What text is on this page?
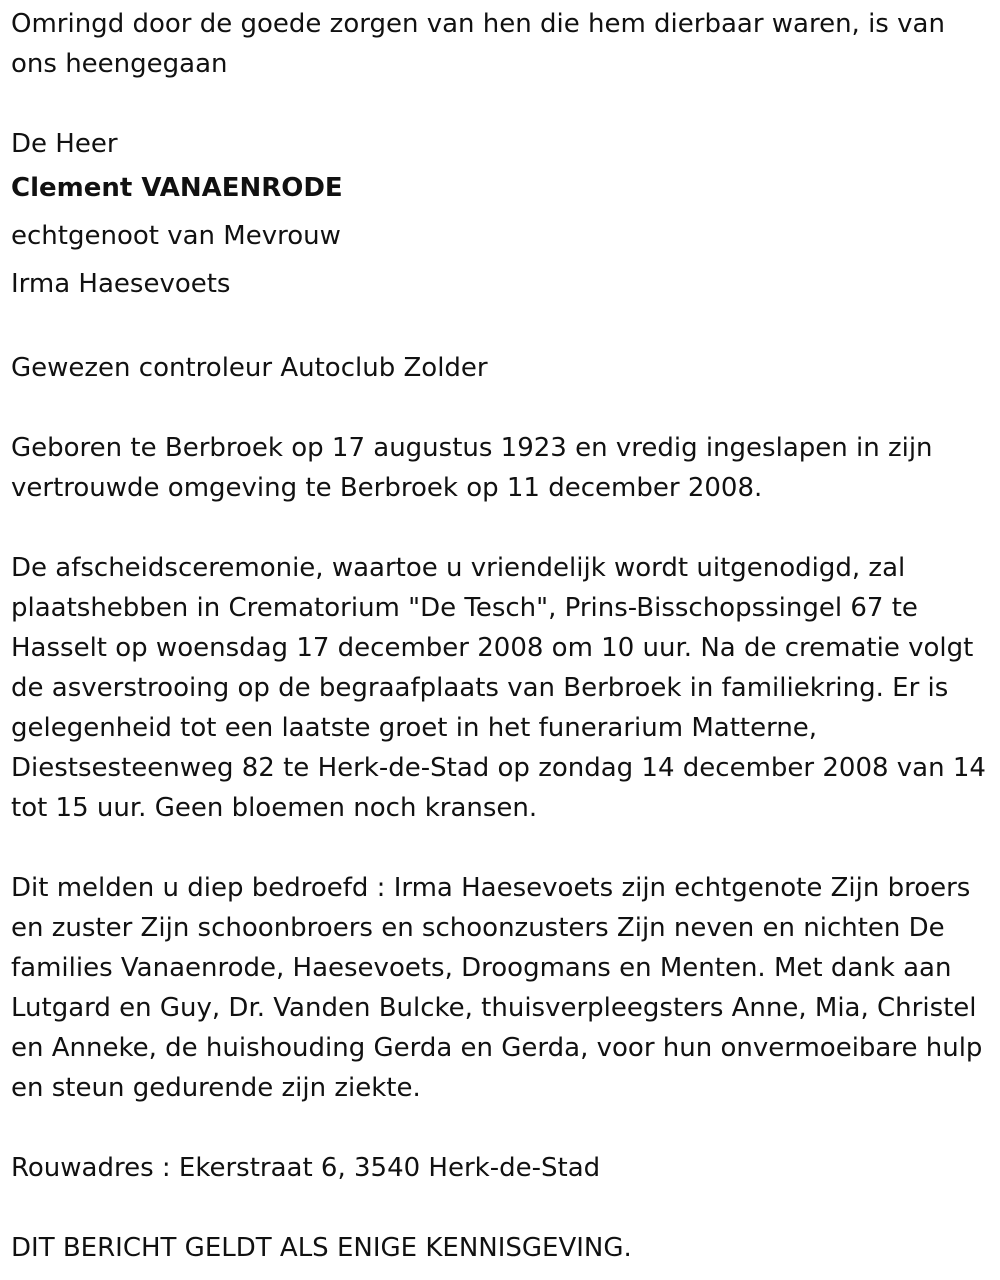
Omringd door de goede zorgen van hen die hem dierbaar waren, is van ons heengegaan

De Heer

Clement VANAENRODE

echtgenoot van Mevrouw

Irma Haesevoets

Gewezen controleur Autoclub Zolder

Geboren te Berbroek op 17 augustus 1923 en vredig ingeslapen in zijn vertrouwde omgeving te Berbroek op 11 december 2008.

De afscheidsceremonie, waartoe u vriendelijk wordt uitgenodigd, zal plaatshebben in Crematorium "De Tesch", Prins-Bisschopssingel 67 te Hasselt op woensdag 17 december 2008 om 10 uur. Na de crematie volgt de asverstrooing op de begraafplaats van Berbroek in familiekring. Er is gelegenheid tot een laatste groet in het funerarium Matterne, Diestsesteenweg 82 te Herk-de-Stad op zondag 14 december 2008 van 14 tot 15 uur. Geen bloemen noch kransen.

Dit melden u diep bedroefd : Irma Haesevoets zijn echtgenote Zijn broers en zuster Zijn schoonbroers en schoonzusters Zijn neven en nichten De families Vanaenrode, Haesevoets, Droogmans en Menten. Met dank aan Lutgard en Guy, Dr. Vanden Bulcke, thuisverpleegsters Anne, Mia, Christel en Anneke, de huishouding Gerda en Gerda, voor hun onvermoeibare hulp en steun gedurende zijn ziekte.

Rouwadres : Ekerstraat 6, 3540 Herk-de-Stad

DIT BERICHT GELDT ALS ENIGE KENNISGEVING.
